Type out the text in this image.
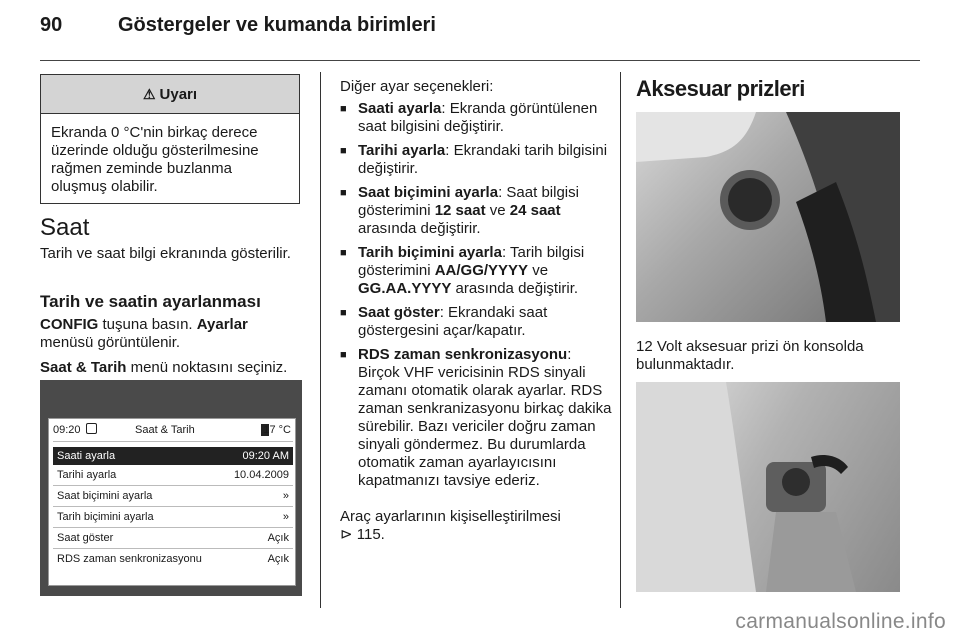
90	Göstergeler ve kumanda birimleri
⚠ Uyarı
Ekranda 0 °C'nin birkaç derece üzerinde olduğu gösterilmesine rağmen zeminde buzlanma oluşmuş olabilir.
Saat
Tarih ve saat bilgi ekranında gösterilir.
Tarih ve saatin ayarlanması
CONFIG tuşuna basın. Ayarlar menüsü görüntülenir.
Saat & Tarih menü noktasını seçiniz.
09:20	Saat & Tarih	17 °C
Saati ayarla	09:20 AM
Tarihi ayarla	10.04.2009
Saat biçimini ayarla	»
Tarih biçimini ayarla	»
Saat göster	Açık
RDS zaman senkronizasyonu	Açık
Diğer ayar seçenekleri:
■ Saati ayarla: Ekranda görüntülenen saat bilgisini değiştirir.
■ Tarihi ayarla: Ekrandaki tarih bilgisini değiştirir.
■ Saat biçimini ayarla: Saat bilgisi gösterimini 12 saat ve 24 saat arasında değiştirir.
■ Tarih biçimini ayarla: Tarih bilgisi gösterimini AA/GG/YYYY ve GG.AA.YYYY arasında değiştirir.
■ Saat göster: Ekrandaki saat göstergesini açar/kapatır.
■ RDS zaman senkronizasyonu: Birçok VHF vericisinin RDS sinyali zamanı otomatik olarak ayarlar. RDS zaman senkranizasyonu birkaç dakika sürebilir. Bazı vericiler doğru zaman sinyali göndermez. Bu durumlarda otomatik zaman ayarlayıcısını kapatmanızı tavsiye ederiz.
Araç ayarlarının kişiselleştirilmesi
⊳ 115.
Aksesuar prizleri
12 Volt aksesuar prizi ön konsolda bulunmaktadır.
carmanualsonline.info
